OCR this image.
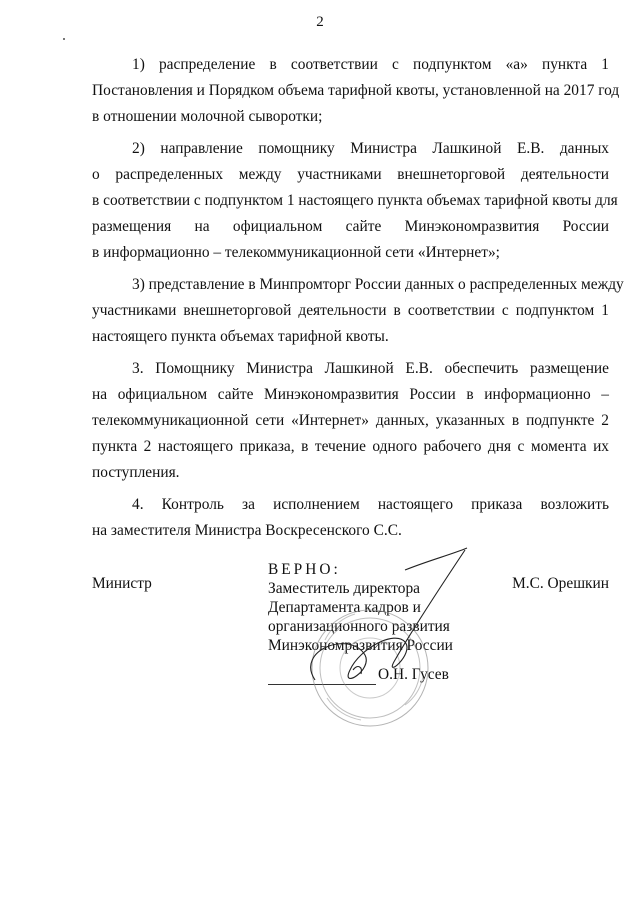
2

1) распределение в соответствии с подпунктом «а» пункта 1
Постановления и Порядком объема тарифной квоты, установленной на 2017 год
в отношении молочной сыворотки;

2) направление помощнику Министра Лашкиной Е.В. данных
о распределенных между участниками внешнеторговой деятельности
в соответствии с подпунктом 1 настоящего пункта объемах тарифной квоты для
размещения на официальном сайте Минэкономразвития России
в информационно – телекоммуникационной сети «Интернет»;

3) представление в Минпромторг России данных о распределенных между
участниками внешнеторговой деятельности в соответствии с подпунктом 1
настоящего пункта объемах тарифной квоты.

3. Помощнику Министра Лашкиной Е.В. обеспечить размещение
на официальном сайте Минэкономразвития России в информационно –
телекоммуникационной сети «Интернет» данных, указанных в подпункте 2
пункта 2 настоящего приказа, в течение одного рабочего дня с момента их
поступления.

4. Контроль за исполнением настоящего приказа возложить
на заместителя Министра Воскресенского С.С.

Министр	М.С. Орешкин
ВЕРНО:
Заместитель директора
Департамента кадров и
организационного развития
Минэкономразвития России
О.Н. Гусев
